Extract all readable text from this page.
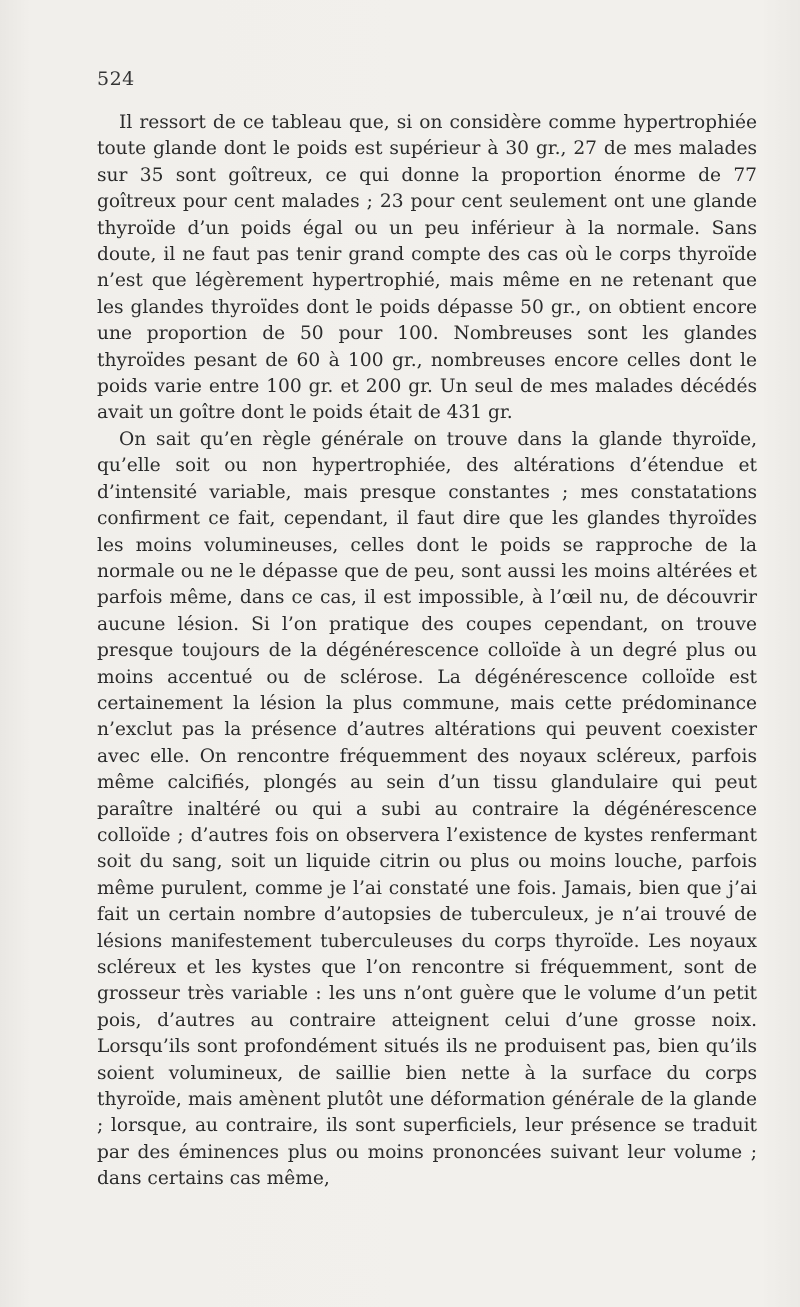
524

Il ressort de ce tableau que, si on considère comme hypertrophiée toute glande dont le poids est supérieur à 30 gr., 27 de mes malades sur 35 sont goîtreux, ce qui donne la proportion énorme de 77 goîtreux pour cent malades ; 23 pour cent seulement ont une glande thyroïde d’un poids égal ou un peu inférieur à la normale. Sans doute, il ne faut pas tenir grand compte des cas où le corps thyroïde n’est que légèrement hypertrophié, mais même en ne retenant que les glandes thyroïdes dont le poids dépasse 50 gr., on obtient encore une proportion de 50 pour 100. Nombreuses sont les glandes thyroïdes pesant de 60 à 100 gr., nombreuses encore celles dont le poids varie entre 100 gr. et 200 gr. Un seul de mes malades décédés avait un goître dont le poids était de 431 gr.

On sait qu’en règle générale on trouve dans la glande thyroïde, qu’elle soit ou non hypertrophiée, des altérations d’étendue et d’intensité variable, mais presque constantes ; mes constatations confirment ce fait, cependant, il faut dire que les glandes thyroïdes les moins volumineuses, celles dont le poids se rapproche de la normale ou ne le dépasse que de peu, sont aussi les moins altérées et parfois même, dans ce cas, il est impossible, à l’œil nu, de découvrir aucune lésion. Si l’on pratique des coupes cependant, on trouve presque toujours de la dégénérescence colloïde à un degré plus ou moins accentué ou de sclérose. La dégénérescence colloïde est certainement la lésion la plus commune, mais cette prédominance n’exclut pas la présence d’autres altérations qui peuvent coexister avec elle. On rencontre fréquemment des noyaux scléreux, parfois même calcifiés, plongés au sein d’un tissu glandulaire qui peut paraître inaltéré ou qui a subi au contraire la dégénérescence colloïde ; d’autres fois on observera l’existence de kystes renfermant soit du sang, soit un liquide citrin ou plus ou moins louche, parfois même purulent, comme je l’ai constaté une fois. Jamais, bien que j’ai fait un certain nombre d’autopsies de tuberculeux, je n’ai trouvé de lésions manifestement tuberculeuses du corps thyroïde. Les noyaux scléreux et les kystes que l’on rencontre si fréquemment, sont de grosseur très variable : les uns n’ont guère que le volume d’un petit pois, d’autres au contraire atteignent celui d’une grosse noix. Lorsqu’ils sont profondément situés ils ne produisent pas, bien qu’ils soient volumineux, de saillie bien nette à la surface du corps thyroïde, mais amènent plutôt une déformation générale de la glande ; lorsque, au contraire, ils sont superficiels, leur présence se traduit par des éminences plus ou moins prononcées suivant leur volume ; dans certains cas même,
